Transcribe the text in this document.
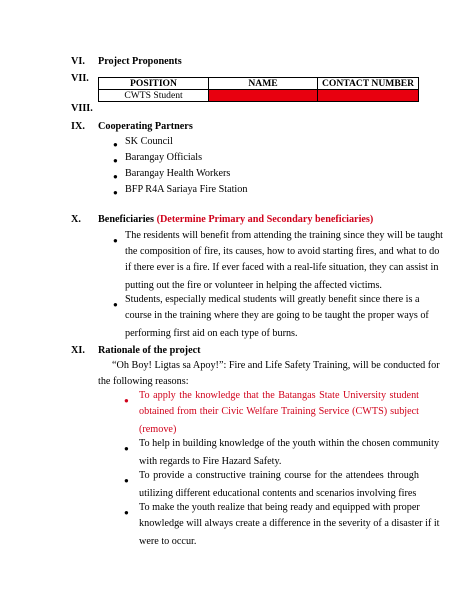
VI. Project Proponents
VII.	POSITION	NAME	CONTACT NUMBER
CWTS Student		
VIII.
IX. Cooperating Partners
● SK Council
● Barangay Officials
● Barangay Health Workers
● BFP R4A Sariaya Fire Station
X. Beneficiaries (Determine Primary and Secondary beneficiaries)
● The residents will benefit from attending the training since they will be taught
the composition of fire, its causes, how to avoid starting fires, and what to do
if there ever is a fire. If ever faced with a real-life situation, they can assist in
putting out the fire or volunteer in helping the affected victims.
● Students, especially medical students will greatly benefit since there is a
course in the training where they are going to be taught the proper ways of
performing first aid on each type of burns.
XI. Rationale of the project
“Oh Boy! Ligtas sa Apoy!”: Fire and Life Safety Training, will be conducted for
the following reasons:
● To apply the knowledge that the Batangas State University student
obtained from their Civic Welfare Training Service (CWTS) subject
(remove)
● To help in building knowledge of the youth within the chosen community
with regards to Fire Hazard Safety.
● To provide a constructive training course for the attendees through
utilizing different educational contents and scenarios involving fires
● To make the youth realize that being ready and equipped with proper
knowledge will always create a difference in the severity of a disaster if it
were to occur.
